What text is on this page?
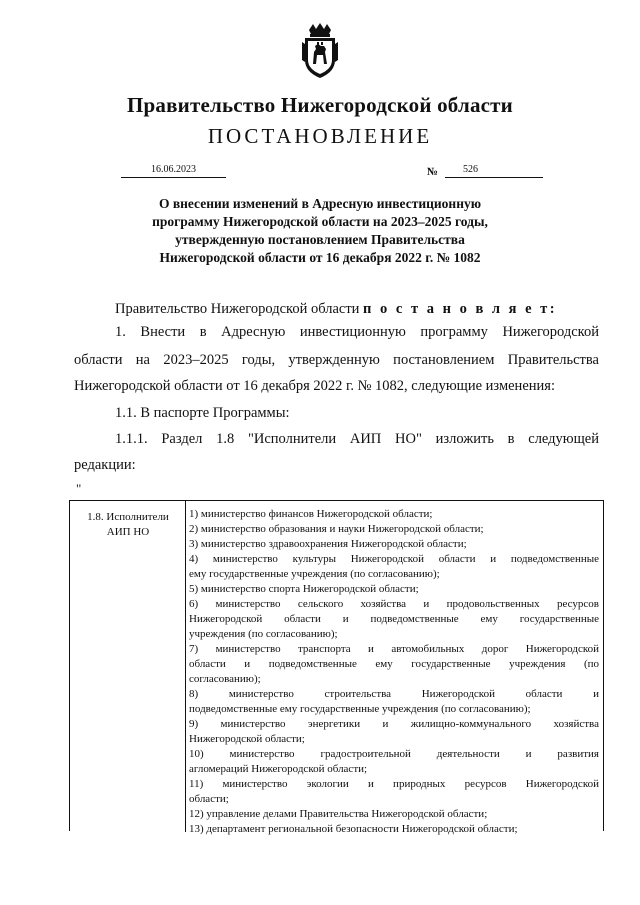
Правительство Нижегородской области
ПОСТАНОВЛЕНИЕ
16.06.2023	№	526
О внесении изменений в Адресную инвестиционную
программу Нижегородской области на 2023–2025 годы,
утвержденную постановлением Правительства
Нижегородской области от 16 декабря 2022 г. № 1082
Правительство Нижегородской области п о с т а н о в л я е т:
1. Внести в Адресную инвестиционную программу Нижегородской
области на 2023–2025 годы, утвержденную постановлением Правительства
Нижегородской области от 16 декабря 2022 г. № 1082, следующие изменения:
1.1. В паспорте Программы:
1.1.1. Раздел 1.8 "Исполнители АИП НО" изложить в следующей
редакции:
"
1.8. Исполнители
АИП НО
1) министерство финансов Нижегородской области;
2) министерство образования и науки Нижегородской области;
3) министерство здравоохранения Нижегородской области;
4) министерство культуры Нижегородской области и подведомственные
ему государственные учреждения (по согласованию);
5) министерство спорта Нижегородской области;
6) министерство сельского хозяйства и продовольственных ресурсов
Нижегородской области и подведомственные ему государственные
учреждения (по согласованию);
7) министерство транспорта и автомобильных дорог Нижегородской
области и подведомственные ему государственные учреждения (по
согласованию);
8) министерство строительства Нижегородской области и
подведомственные ему государственные учреждения (по согласованию);
9) министерство энергетики и жилищно-коммунального хозяйства
Нижегородской области;
10) министерство градостроительной деятельности и развития
агломераций Нижегородской области;
11) министерство экологии и природных ресурсов Нижегородской
области;
12) управление делами Правительства Нижегородской области;
13) департамент региональной безопасности Нижегородской области;
